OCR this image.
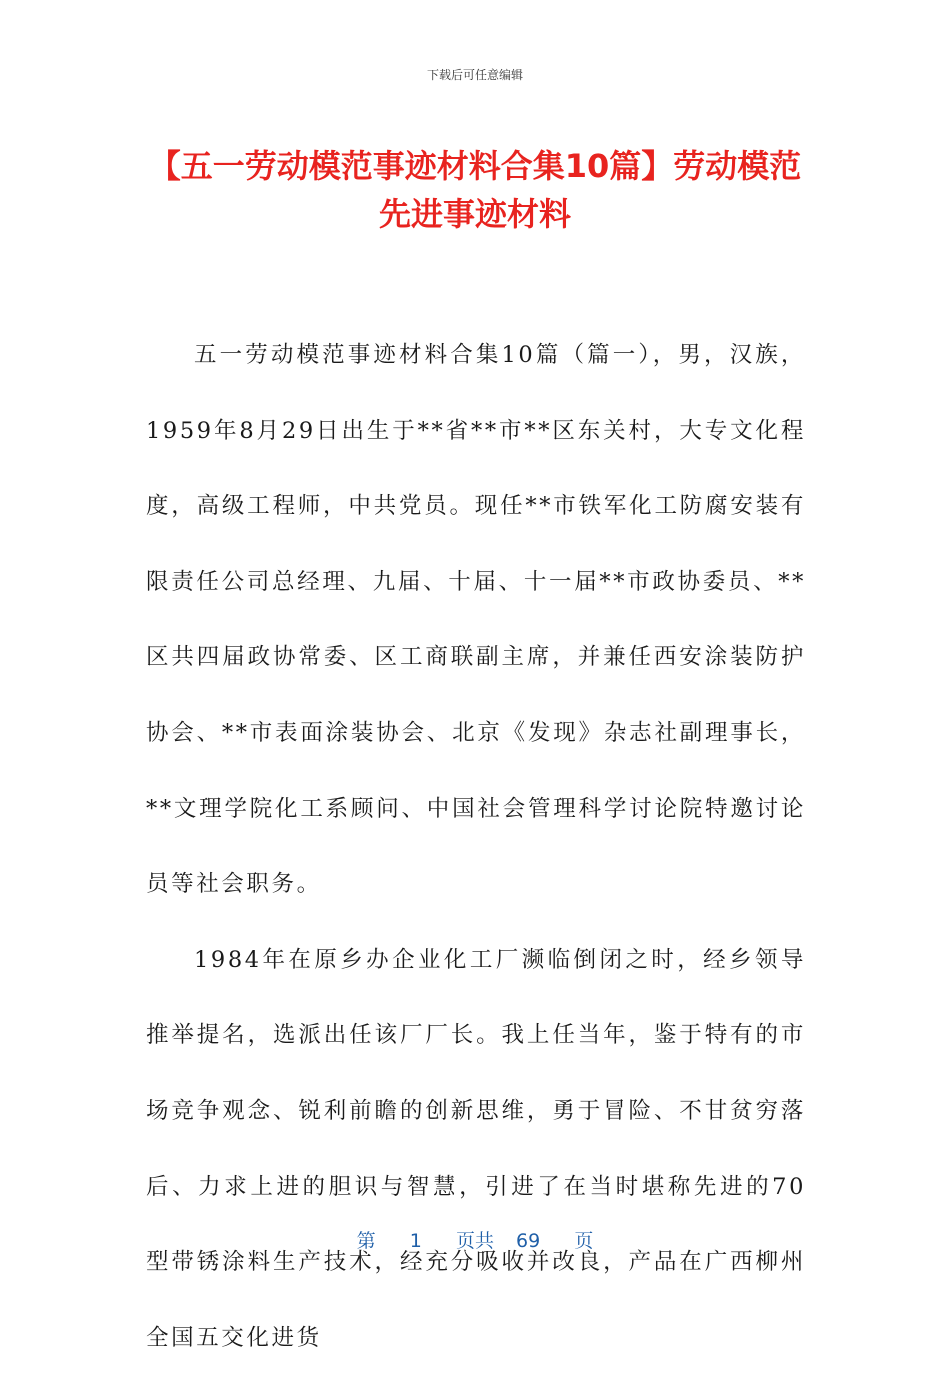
下载后可任意编辑
【五一劳动模范事迹材料合集10篇】劳动模范先进事迹材料

五一劳动模范事迹材料合集10篇（篇一），男，汉族，1959年8月29日出生于**省**市**区东关村，大专文化程度，高级工程师，中共党员。现任**市铁军化工防腐安装有限责任公司总经理、九届、十届、十一届**市政协委员、**区共四届政协常委、区工商联副主席，并兼任西安涂装防护协会、**市表面涂装协会、北京《发现》杂志社副理事长，**文理学院化工系顾问、中国社会管理科学讨论院特邀讨论员等社会职务。

1984年在原乡办企业化工厂濒临倒闭之时，经乡领导推举提名，选派出任该厂厂长。我上任当年，鉴于特有的市场竞争观念、锐利前瞻的创新思维，勇于冒险、不甘贫穷落后、力求上进的胆识与智慧，引进了在当时堪称先进的70型带锈涂料生产技术，经充分吸收并改良，产品在广西柳州全国五交化进货

第 1 页共 69 页
